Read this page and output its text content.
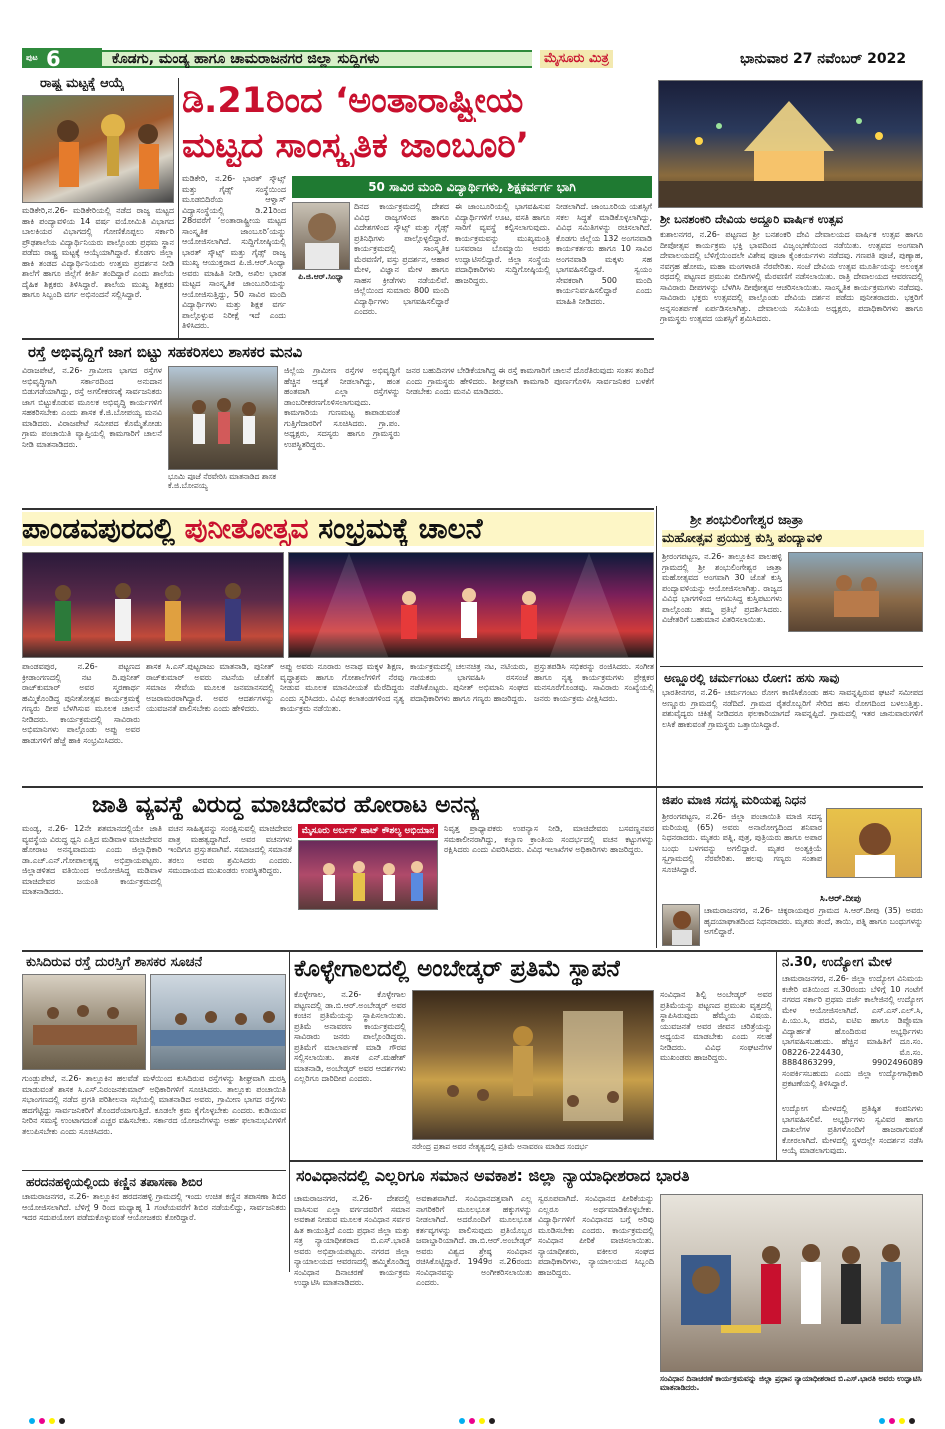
ಪುಟ 6	ಕೊಡಗು, ಮಂಡ್ಯ ಹಾಗೂ ಚಾಮರಾಜನಗರ ಜಿಲ್ಲಾ ಸುದ್ದಿಗಳು	ಮೈಸೂರು ಮಿತ್ರ	ಭಾನುವಾರ 27 ನವೆಂಬರ್ 2022
ರಾಷ್ಟ್ರ ಮಟ್ಟಕ್ಕೆ ಆಯ್ಕೆ
ಮಡಿಕೇರಿ,ನ.26- ಮಡಿಕೇರಿಯಲ್ಲಿ ನಡೆದ ರಾಜ್ಯ ಮಟ್ಟದ ಹಾಕಿ ಪಂದ್ಯಾವಳಿಯ 14 ವರ್ಷ ವಯೋಮಿತಿ ವಿಭಾಗದ ಬಾಲಕಿಯರ ವಿಭಾಗದಲ್ಲಿ ಗೋಣಿಕೊಪ್ಪಲು ಸರ್ಕಾರಿ ಪ್ರೌಢಶಾಲೆಯ ವಿದ್ಯಾರ್ಥಿನಿಯರು ಪಾಲ್ಗೊಂಡು ಪ್ರಥಮ ಸ್ಥಾನ ಪಡೆದು ರಾಷ್ಟ್ರ ಮಟ್ಟಕ್ಕೆ ಆಯ್ಕೆಯಾಗಿದ್ದಾರೆ. ಕೊಡಗು ಜಿಲ್ಲಾ ಹಾಕಿ ತಂಡದ ವಿದ್ಯಾರ್ಥಿನಿಯರು ಉತ್ತಮ ಪ್ರದರ್ಶನ ನೀಡಿ ಶಾಲೆಗೆ ಹಾಗೂ ಜಿಲ್ಲೆಗೆ ಕೀರ್ತಿ ತಂದಿದ್ದಾರೆ ಎಂದು ಶಾಲೆಯ ದೈಹಿಕ ಶಿಕ್ಷಕರು ತಿಳಿಸಿದ್ದಾರೆ. ಶಾಲೆಯ ಮುಖ್ಯ ಶಿಕ್ಷಕರು ಹಾಗೂ ಸಿಬ್ಬಂದಿ ವರ್ಗ ಅಭಿನಂದನೆ ಸಲ್ಲಿಸಿದ್ದಾರೆ.
ಡಿ.21ರಿಂದ ‘ಅಂತಾರಾಷ್ಟ್ರೀಯ
ಮಟ್ಟದ ಸಾಂಸ್ಕೃತಿಕ ಜಾಂಬೂರಿ’
ಮಡಿಕೇರಿ, ನ.26- ಭಾರತ್ ಸ್ಕೌಟ್ಸ್ ಮತ್ತು ಗೈಡ್ಸ್ ಸಂಸ್ಥೆಯಿಂದ ಮೂಡಬಿದಿರೆಯ ಆಳ್ವಾಸ್ ವಿದ್ಯಾಸಂಸ್ಥೆಯಲ್ಲಿ ಡಿ.21ರಿಂದ 28ರವರೆಗೆ ‘ಅಂತಾರಾಷ್ಟ್ರೀಯ ಮಟ್ಟದ ಸಾಂಸ್ಕೃತಿಕ ಜಾಂಬೂರಿ’ಯನ್ನು ಆಯೋಜಿಸಲಾಗಿದೆ. ಸುದ್ದಿಗೋಷ್ಠಿಯಲ್ಲಿ ಭಾರತ್ ಸ್ಕೌಟ್ಸ್ ಮತ್ತು ಗೈಡ್ಸ್ ರಾಜ್ಯ ಮುಖ್ಯ ಆಯುಕ್ತರಾದ ಪಿ.ಜಿ.ಆರ್.ಸಿಂಧ್ಯಾ ಅವರು ಮಾಹಿತಿ ನೀಡಿ, ಅಖಿಲ ಭಾರತ ಮಟ್ಟದ ಸಾಂಸ್ಕೃತಿಕ ಜಾಂಬೂರಿಯನ್ನು ಆಯೋಜಿಸುತ್ತಿದ್ದು, 50 ಸಾವಿರ ಮಂದಿ ವಿದ್ಯಾರ್ಥಿಗಳು ಮತ್ತು ಶಿಕ್ಷಕ ವರ್ಗ ಪಾಲ್ಗೊಳ್ಳುವ ನಿರೀಕ್ಷೆ ಇದೆ ಎಂದು ತಿಳಿಸಿದರು.
50 ಸಾವಿರ ಮಂದಿ ವಿದ್ಯಾರ್ಥಿಗಳು, ಶಿಕ್ಷಕರ್ವರ್ಗ ಭಾಗಿ
ಪಿ.ಜಿ.ಆರ್.ಸಿಂಧ್ಯಾ
ದಿನದ ಕಾರ್ಯಕ್ರಮದಲ್ಲಿ ದೇಶದ ವಿವಿಧ ರಾಜ್ಯಗಳಿಂದ ಹಾಗೂ ವಿದೇಶಗಳಿಂದ ಸ್ಕೌಟ್ಸ್ ಮತ್ತು ಗೈಡ್ಸ್ ಪ್ರತಿನಿಧಿಗಳು ಪಾಲ್ಗೊಳ್ಳಲಿದ್ದಾರೆ. ಕಾರ್ಯಕ್ರಮದಲ್ಲಿ ಸಾಂಸ್ಕೃತಿಕ ಮೆರವಣಿಗೆ, ವಸ್ತು ಪ್ರದರ್ಶನ, ಆಹಾರ ಮೇಳ, ವಿಜ್ಞಾನ ಮೇಳ ಹಾಗೂ ಸಾಹಸ ಕ್ರೀಡೆಗಳು ನಡೆಯಲಿವೆ. ಜಿಲ್ಲೆಯಿಂದ ಸುಮಾರು 800 ಮಂದಿ ವಿದ್ಯಾರ್ಥಿಗಳು ಭಾಗವಹಿಸಲಿದ್ದಾರೆ ಎಂದರು.
ಈ ಜಾಂಬೂರಿಯಲ್ಲಿ ಭಾಗವಹಿಸುವ ವಿದ್ಯಾರ್ಥಿಗಳಿಗೆ ಊಟ, ವಸತಿ ಹಾಗೂ ಸಾರಿಗೆ ವ್ಯವಸ್ಥೆ ಕಲ್ಪಿಸಲಾಗುವುದು. ಕಾರ್ಯಕ್ರಮವನ್ನು ಮುಖ್ಯಮಂತ್ರಿ ಬಸವರಾಜ ಬೊಮ್ಮಾಯಿ ಅವರು ಉದ್ಘಾಟಿಸಲಿದ್ದಾರೆ. ಜಿಲ್ಲಾ ಸಂಸ್ಥೆಯ ಪದಾಧಿಕಾರಿಗಳು ಸುದ್ದಿಗೋಷ್ಠಿಯಲ್ಲಿ ಹಾಜರಿದ್ದರು.
ನೀಡಲಾಗಿದೆ. ಜಾಂಬೂರಿಯ ಯಶಸ್ಸಿಗೆ ಸಕಲ ಸಿದ್ಧತೆ ಮಾಡಿಕೊಳ್ಳಲಾಗಿದ್ದು, ವಿವಿಧ ಸಮಿತಿಗಳನ್ನು ರಚಿಸಲಾಗಿದೆ. ಕೊಡಗು ಜಿಲ್ಲೆಯ 132 ಅಂಗನವಾಡಿ ಕಾರ್ಯಕರ್ತರು ಹಾಗೂ 10 ಸಾವಿರ ಅಂಗನವಾಡಿ ಮಕ್ಕಳು ಸಹ ಭಾಗವಹಿಸಲಿದ್ದಾರೆ. ಸ್ವಯಂ ಸೇವಕರಾಗಿ 500 ಮಂದಿ ಕಾರ್ಯನಿರ್ವಹಿಸಲಿದ್ದಾರೆ ಎಂದು ಮಾಹಿತಿ ನೀಡಿದರು.
ಶ್ರೀ ಬನಶಂಕರಿ ದೇವಿಯ ಅದ್ದೂರಿ ವಾರ್ಷಿಕ ಉತ್ಸವ
ಕುಶಾಲನಗರ, ನ.26- ಪಟ್ಟಣದ ಶ್ರೀ ಬನಶಂಕರಿ ದೇವಿ ದೇವಾಲಯದ ವಾರ್ಷಿಕ ಉತ್ಸವ ಹಾಗೂ ದೀಪೋತ್ಸವ ಕಾರ್ಯಕ್ರಮ ಭಕ್ತಿ ಭಾವದಿಂದ ವಿಜೃಂಭಣೆಯಿಂದ ನಡೆಯಿತು. ಉತ್ಸವದ ಅಂಗವಾಗಿ ದೇವಾಲಯದಲ್ಲಿ ಬೆಳಿಗ್ಗೆಯಿಂದಲೇ ವಿಶೇಷ ಪೂಜಾ ಕೈಂಕರ್ಯಗಳು ನಡೆದವು. ಗಣಪತಿ ಪೂಜೆ, ಪುಣ್ಯಾಹ, ನವಗ್ರಹ ಹೋಮ, ಮಹಾ ಮಂಗಳಾರತಿ ನೆರವೇರಿತು. ಸಂಜೆ ದೇವಿಯ ಉತ್ಸವ ಮೂರ್ತಿಯನ್ನು ಅಲಂಕೃತ ರಥದಲ್ಲಿ ಪಟ್ಟಣದ ಪ್ರಮುಖ ಬೀದಿಗಳಲ್ಲಿ ಮೆರವಣಿಗೆ ನಡೆಸಲಾಯಿತು. ರಾತ್ರಿ ದೇವಾಲಯದ ಆವರಣದಲ್ಲಿ ಸಾವಿರಾರು ದೀಪಗಳನ್ನು ಬೆಳಗಿಸಿ ದೀಪೋತ್ಸವ ಆಚರಿಸಲಾಯಿತು. ಸಾಂಸ್ಕೃತಿಕ ಕಾರ್ಯಕ್ರಮಗಳು ನಡೆದವು. ಸಾವಿರಾರು ಭಕ್ತರು ಉತ್ಸವದಲ್ಲಿ ಪಾಲ್ಗೊಂಡು ದೇವಿಯ ದರ್ಶನ ಪಡೆದು ಪುನೀತರಾದರು. ಭಕ್ತರಿಗೆ ಅನ್ನಸಂತರ್ಪಣೆ ಏರ್ಪಡಿಸಲಾಗಿತ್ತು. ದೇವಾಲಯ ಸಮಿತಿಯ ಅಧ್ಯಕ್ಷರು, ಪದಾಧಿಕಾರಿಗಳು ಹಾಗೂ ಗ್ರಾಮಸ್ಥರು ಉತ್ಸವದ ಯಶಸ್ಸಿಗೆ ಶ್ರಮಿಸಿದರು.
ರಸ್ತೆ ಅಭಿವೃದ್ಧಿಗೆ ಜಾಗ ಬಿಟ್ಟು ಸಹಕರಿಸಲು ಶಾಸಕರ ಮನವಿ
ವಿರಾಜಪೇಟೆ, ನ.26- ಗ್ರಾಮೀಣ ಭಾಗದ ರಸ್ತೆಗಳ ಅಭಿವೃದ್ಧಿಗಾಗಿ ಸರ್ಕಾರದಿಂದ ಅನುದಾನ ಬಿಡುಗಡೆಯಾಗಿದ್ದು, ರಸ್ತೆ ಅಗಲೀಕರಣಕ್ಕೆ ಸಾರ್ವಜನಿಕರು ಜಾಗ ಬಿಟ್ಟುಕೊಡುವ ಮೂಲಕ ಅಭಿವೃದ್ಧಿ ಕಾರ್ಯಗಳಿಗೆ ಸಹಕರಿಸಬೇಕು ಎಂದು ಶಾಸಕ ಕೆ.ಜಿ.ಬೋಪಯ್ಯ ಮನವಿ ಮಾಡಿದರು. ವಿರಾಜಪೇಟೆ ಸಮೀಪದ ಕೊಮ್ಮೆತೋಡು ಗ್ರಾಮ ಪಂಚಾಯಿತಿ ವ್ಯಾಪ್ತಿಯಲ್ಲಿ ಕಾಮಗಾರಿಗೆ ಚಾಲನೆ ನೀಡಿ ಮಾತನಾಡಿದರು.
ಭೂಮಿ ಪೂಜೆ ನೆರವೇರಿಸಿ ಮಾತನಾಡಿದ ಶಾಸಕ ಕೆ.ಜಿ.ಬೋಪಯ್ಯ
ಜಿಲ್ಲೆಯ ಗ್ರಾಮೀಣ ರಸ್ತೆಗಳ ಅಭಿವೃದ್ಧಿಗೆ ಹೆಚ್ಚಿನ ಆದ್ಯತೆ ನೀಡಲಾಗಿದ್ದು, ಹಂತ ಹಂತವಾಗಿ ಎಲ್ಲಾ ರಸ್ತೆಗಳನ್ನು ಡಾಂಬರೀಕರಣಗೊಳಿಸಲಾಗುವುದು. ಕಾಮಗಾರಿಯ ಗುಣಮಟ್ಟ ಕಾಪಾಡುವಂತೆ ಗುತ್ತಿಗೆದಾರರಿಗೆ ಸೂಚಿಸಿದರು. ಗ್ರಾ.ಪಂ. ಅಧ್ಯಕ್ಷರು, ಸದಸ್ಯರು ಹಾಗೂ ಗ್ರಾಮಸ್ಥರು ಉಪಸ್ಥಿತರಿದ್ದರು.
ಜನರ ಬಹುದಿನಗಳ ಬೇಡಿಕೆಯಾಗಿದ್ದ ಈ ರಸ್ತೆ ಕಾಮಗಾರಿಗೆ ಚಾಲನೆ ದೊರೆತಿರುವುದು ಸಂತಸ ತಂದಿದೆ ಎಂದು ಗ್ರಾಮಸ್ಥರು ಹೇಳಿದರು. ಶೀಘ್ರವಾಗಿ ಕಾಮಗಾರಿ ಪೂರ್ಣಗೊಳಿಸಿ ಸಾರ್ವಜನಿಕರ ಬಳಕೆಗೆ ನೀಡಬೇಕು ಎಂದು ಮನವಿ ಮಾಡಿದರು.
ಪಾಂಡವಪುರದಲ್ಲಿ ಪುನೀತೋತ್ಸವ ಸಂಭ್ರಮಕ್ಕೆ ಚಾಲನೆ
ಪಾಂಡವಪುರ, ನ.26- ಪಟ್ಟಣದ ಕ್ರೀಡಾಂಗಣದಲ್ಲಿ ನಟ ದಿ.ಪುನೀತ್ ರಾಜ್‌ಕುಮಾರ್ ಅವರ ಸ್ಮರಣಾರ್ಥ ಹಮ್ಮಿಕೊಂಡಿದ್ದ ಪುನೀತೋತ್ಸವ ಕಾರ್ಯಕ್ರಮಕ್ಕೆ ಗಣ್ಯರು ದೀಪ ಬೆಳಗಿಸುವ ಮೂಲಕ ಚಾಲನೆ ನೀಡಿದರು. ಕಾರ್ಯಕ್ರಮದಲ್ಲಿ ಸಾವಿರಾರು ಅಭಿಮಾನಿಗಳು ಪಾಲ್ಗೊಂಡು ಅಪ್ಪು ಅವರ ಹಾಡುಗಳಿಗೆ ಹೆಜ್ಜೆ ಹಾಕಿ ಸಂಭ್ರಮಿಸಿದರು.
ಶಾಸಕ ಸಿ.ಎಸ್.ಪುಟ್ಟರಾಜು ಮಾತನಾಡಿ, ಪುನೀತ್ ರಾಜ್‌ಕುಮಾರ್ ಅವರು ನಟನೆಯ ಜೊತೆಗೆ ಸಮಾಜ ಸೇವೆಯ ಮೂಲಕ ಜನಮಾನಸದಲ್ಲಿ ಅಜರಾಮರರಾಗಿದ್ದಾರೆ. ಅವರ ಆದರ್ಶಗಳನ್ನು ಯುವಜನತೆ ಪಾಲಿಸಬೇಕು ಎಂದು ಹೇಳಿದರು.
ಅಪ್ಪು ಅವರು ನೂರಾರು ಅನಾಥ ಮಕ್ಕಳ ಶಿಕ್ಷಣ, ವೃದ್ಧಾಶ್ರಮ ಹಾಗೂ ಗೋಶಾಲೆಗಳಿಗೆ ನೆರವು ನೀಡುವ ಮೂಲಕ ಮಾನವೀಯತೆ ಮೆರೆದಿದ್ದರು ಎಂದು ಸ್ಮರಿಸಿದರು. ವಿವಿಧ ಕಲಾತಂಡಗಳಿಂದ ನೃತ್ಯ ಕಾರ್ಯಕ್ರಮ ನಡೆಯಿತು.
ಕಾರ್ಯಕ್ರಮದಲ್ಲಿ ಚಲನಚಿತ್ರ ನಟ, ನಟಿಯರು, ಗಾಯಕರು ಭಾಗವಹಿಸಿ ರಸಸಂಜೆ ನಡೆಸಿಕೊಟ್ಟರು. ಪುನೀತ್ ಅಭಿಮಾನಿ ಸಂಘದ ಪದಾಧಿಕಾರಿಗಳು ಹಾಗೂ ಗಣ್ಯರು ಹಾಜರಿದ್ದರು.
ಪ್ರಸ್ತುತಪಡಿಸಿ ಸಭಿಕರನ್ನು ರಂಜಿಸಿದರು. ಸಂಗೀತ ಹಾಗೂ ನೃತ್ಯ ಕಾರ್ಯಕ್ರಮಗಳು ಪ್ರೇಕ್ಷಕರ ಮನಸೂರೆಗೊಂಡವು. ಸಾವಿರಾರು ಸಂಖ್ಯೆಯಲ್ಲಿ ಜನರು ಕಾರ್ಯಕ್ರಮ ವೀಕ್ಷಿಸಿದರು.
ಶ್ರೀ ಶಂಭುಲಿಂಗೇಶ್ವರ ಜಾತ್ರಾ
ಮಹೋತ್ಸವ ಪ್ರಯುಕ್ತ ಕುಸ್ತಿ ಪಂದ್ಯಾವಳಿ
ಶ್ರೀರಂಗಪಟ್ಟಣ, ನ.26- ತಾಲ್ಲೂಕಿನ ಪಾಲಹಳ್ಳಿ ಗ್ರಾಮದಲ್ಲಿ ಶ್ರೀ ಶಂಭುಲಿಂಗೇಶ್ವರ ಜಾತ್ರಾ ಮಹೋತ್ಸವದ ಅಂಗವಾಗಿ 30 ಜೊತೆ ಕುಸ್ತಿ ಪಂದ್ಯಾವಳಿಯನ್ನು ಆಯೋಜಿಸಲಾಗಿತ್ತು. ರಾಜ್ಯದ ವಿವಿಧ ಭಾಗಗಳಿಂದ ಆಗಮಿಸಿದ್ದ ಕುಸ್ತಿಪಟುಗಳು ಪಾಲ್ಗೊಂಡು ತಮ್ಮ ಪ್ರತಿಭೆ ಪ್ರದರ್ಶಿಸಿದರು. ವಿಜೇತರಿಗೆ ಬಹುಮಾನ ವಿತರಿಸಲಾಯಿತು.
ಅಣ್ಣೂರಲ್ಲಿ ಚರ್ಮಗಂಟು ರೋಗ: ಹಸು ಸಾವು
ಭಾರತೀನಗರ, ನ.26- ಚರ್ಮಗಂಟು ರೋಗ ಕಾಣಿಸಿಕೊಂಡು ಹಸು ಸಾವನ್ನಪ್ಪಿರುವ ಘಟನೆ ಸಮೀಪದ ಅಣ್ಣೂರು ಗ್ರಾಮದಲ್ಲಿ ನಡೆದಿದೆ. ಗ್ರಾಮದ ರೈತರೊಬ್ಬರಿಗೆ ಸೇರಿದ ಹಸು ರೋಗದಿಂದ ಬಳಲುತ್ತಿತ್ತು. ಪಶುವೈದ್ಯರು ಚಿಕಿತ್ಸೆ ನೀಡಿದರೂ ಫಲಕಾರಿಯಾಗದೆ ಸಾವನ್ನಪ್ಪಿದೆ. ಗ್ರಾಮದಲ್ಲಿ ಇತರ ಜಾನುವಾರುಗಳಿಗೆ ಲಸಿಕೆ ಹಾಕುವಂತೆ ಗ್ರಾಮಸ್ಥರು ಒತ್ತಾಯಿಸಿದ್ದಾರೆ.
ಜಾತಿ ವ್ಯವಸ್ಥೆ ವಿರುದ್ಧ ಮಾಚಿದೇವರ ಹೋರಾಟ ಅನನ್ಯ
ಮಂಡ್ಯ, ನ.26- 12ನೇ ಶತಮಾನದಲ್ಲಿಯೇ ಜಾತಿ ವ್ಯವಸ್ಥೆಯ ವಿರುದ್ಧ ಧ್ವನಿ ಎತ್ತಿದ ಮಡಿವಾಳ ಮಾಚಿದೇವರ ಹೋರಾಟ ಅನನ್ಯವಾದುದು ಎಂದು ಜಿಲ್ಲಾಧಿಕಾರಿ ಡಾ.ಎಚ್.ಎನ್.ಗೋಪಾಲಕೃಷ್ಣ ಅಭಿಪ್ರಾಯಪಟ್ಟರು. ಜಿಲ್ಲಾಡಳಿತದ ವತಿಯಿಂದ ಆಯೋಜಿಸಿದ್ದ ಮಡಿವಾಳ ಮಾಚಿದೇವರ ಜಯಂತಿ ಕಾರ್ಯಕ್ರಮದಲ್ಲಿ ಮಾತನಾಡಿದರು.
ಮೈಸೂರು ಅರ್ಬನ್ ಹಾಟ್ ಕೌಶಲ್ಯ ಅಭಿಯಾನ
ವಚನ ಸಾಹಿತ್ಯವನ್ನು ಸಂರಕ್ಷಿಸುವಲ್ಲಿ ಮಾಚಿದೇವರ ಪಾತ್ರ ಮಹತ್ವದ್ದಾಗಿದೆ. ಅವರ ವಚನಗಳು ಇಂದಿಗೂ ಪ್ರಸ್ತುತವಾಗಿವೆ. ಸಮಾಜದಲ್ಲಿ ಸಮಾನತೆ ತರಲು ಅವರು ಶ್ರಮಿಸಿದರು ಎಂದರು. ಸಮುದಾಯದ ಮುಖಂಡರು ಉಪಸ್ಥಿತರಿದ್ದರು.
ನಿವೃತ್ತ ಪ್ರಾಧ್ಯಾಪಕರು ಉಪನ್ಯಾಸ ನೀಡಿ, ಮಾಚಿದೇವರು ಬಸವಣ್ಣನವರ ಸಮಕಾಲೀನರಾಗಿದ್ದು, ಕಲ್ಯಾಣ ಕ್ರಾಂತಿಯ ಸಂದರ್ಭದಲ್ಲಿ ವಚನ ಕಟ್ಟುಗಳನ್ನು ರಕ್ಷಿಸಿದರು ಎಂದು ವಿವರಿಸಿದರು. ವಿವಿಧ ಇಲಾಖೆಗಳ ಅಧಿಕಾರಿಗಳು ಹಾಜರಿದ್ದರು.
ಜಿಪಂ ಮಾಜಿ ಸದಸ್ಯ ಮರಿಯಪ್ಪ ನಿಧನ
ಶ್ರೀರಂಗಪಟ್ಟಣ, ನ.26- ಜಿಲ್ಲಾ ಪಂಚಾಯಿತಿ ಮಾಜಿ ಸದಸ್ಯ ಮರಿಯಪ್ಪ (65) ಅವರು ಅನಾರೋಗ್ಯದಿಂದ ಶನಿವಾರ ನಿಧನರಾದರು. ಮೃತರು ಪತ್ನಿ, ಪುತ್ರ, ಪುತ್ರಿಯರು ಹಾಗೂ ಅಪಾರ ಬಂಧು ಬಳಗವನ್ನು ಅಗಲಿದ್ದಾರೆ. ಮೃತರ ಅಂತ್ಯಕ್ರಿಯೆ ಸ್ವಗ್ರಾಮದಲ್ಲಿ ನೆರವೇರಿತು. ಹಲವು ಗಣ್ಯರು ಸಂತಾಪ ಸೂಚಿಸಿದ್ದಾರೆ.
ಸಿ.ಆರ್.ದೀಪು
ಚಾಮರಾಜನಗರ, ನ.26- ಚಿಕ್ಕರಾಯಪುರ ಗ್ರಾಮದ ಸಿ.ಆರ್.ದೀಪು (35) ಅವರು ಹೃದಯಾಘಾತದಿಂದ ನಿಧನರಾದರು. ಮೃತರು ತಂದೆ, ತಾಯಿ, ಪತ್ನಿ ಹಾಗೂ ಬಂಧುಗಳನ್ನು ಅಗಲಿದ್ದಾರೆ.
ಕುಸಿದಿರುವ ರಸ್ತೆ ದುರಸ್ತಿಗೆ ಶಾಸಕರ ಸೂಚನೆ
ಗುಂಡ್ಲುಪೇಟೆ, ನ.26- ತಾಲ್ಲೂಕಿನ ಹಲವೆಡೆ ಮಳೆಯಿಂದ ಕುಸಿದಿರುವ ರಸ್ತೆಗಳನ್ನು ಶೀಘ್ರವಾಗಿ ದುರಸ್ತಿ ಮಾಡುವಂತೆ ಶಾಸಕ ಸಿ.ಎಸ್.ನಿರಂಜನಕುಮಾರ್ ಅಧಿಕಾರಿಗಳಿಗೆ ಸೂಚಿಸಿದರು. ತಾಲ್ಲೂಕು ಪಂಚಾಯಿತಿ ಸಭಾಂಗಣದಲ್ಲಿ ನಡೆದ ಪ್ರಗತಿ ಪರಿಶೀಲನಾ ಸಭೆಯಲ್ಲಿ ಮಾತನಾಡಿದ ಅವರು, ಗ್ರಾಮೀಣ ಭಾಗದ ರಸ್ತೆಗಳು ಹದಗೆಟ್ಟಿದ್ದು ಸಾರ್ವಜನಿಕರಿಗೆ ತೊಂದರೆಯಾಗುತ್ತಿದೆ. ಕೂಡಲೇ ಕ್ರಮ ಕೈಗೊಳ್ಳಬೇಕು ಎಂದರು. ಕುಡಿಯುವ ನೀರಿನ ಸಮಸ್ಯೆ ಉಂಟಾಗದಂತೆ ಎಚ್ಚರ ವಹಿಸಬೇಕು. ಸರ್ಕಾರದ ಯೋಜನೆಗಳನ್ನು ಅರ್ಹ ಫಲಾನುಭವಿಗಳಿಗೆ ತಲುಪಿಸಬೇಕು ಎಂದು ಸೂಚಿಸಿದರು.
ಹರದನಹಳ್ಳಿಯಲ್ಲಿಂದು ಕಣ್ಣಿನ ತಪಾಸಣಾ ಶಿಬಿರ
ಚಾಮರಾಜನಗರ, ನ.26- ತಾಲ್ಲೂಕಿನ ಹರದನಹಳ್ಳಿ ಗ್ರಾಮದಲ್ಲಿ ಇಂದು ಉಚಿತ ಕಣ್ಣಿನ ತಪಾಸಣಾ ಶಿಬಿರ ಆಯೋಜಿಸಲಾಗಿದೆ. ಬೆಳಿಗ್ಗೆ 9 ರಿಂದ ಮಧ್ಯಾಹ್ನ 1 ಗಂಟೆಯವರೆಗೆ ಶಿಬಿರ ನಡೆಯಲಿದ್ದು, ಸಾರ್ವಜನಿಕರು ಇದರ ಸದುಪಯೋಗ ಪಡೆದುಕೊಳ್ಳುವಂತೆ ಆಯೋಜಕರು ಕೋರಿದ್ದಾರೆ.
ಕೊಳ್ಳೇಗಾಲದಲ್ಲಿ ಅಂಬೇಡ್ಕರ್ ಪ್ರತಿಮೆ ಸ್ಥಾಪನೆ
ಕೊಳ್ಳೇಗಾಲ, ನ.26- ಕೊಳ್ಳೇಗಾಲ ಪಟ್ಟಣದಲ್ಲಿ ಡಾ.ಬಿ.ಆರ್.ಅಂಬೇಡ್ಕರ್ ಅವರ ಕಂಚಿನ ಪ್ರತಿಮೆಯನ್ನು ಸ್ಥಾಪಿಸಲಾಯಿತು. ಪ್ರತಿಮೆ ಅನಾವರಣ ಕಾರ್ಯಕ್ರಮದಲ್ಲಿ ಸಾವಿರಾರು ಜನರು ಪಾಲ್ಗೊಂಡಿದ್ದರು. ಪ್ರತಿಮೆಗೆ ಮಾಲಾರ್ಪಣೆ ಮಾಡಿ ಗೌರವ ಸಲ್ಲಿಸಲಾಯಿತು. ಶಾಸಕ ಎನ್.ಮಹೇಶ್ ಮಾತನಾಡಿ, ಅಂಬೇಡ್ಕರ್ ಅವರ ಆದರ್ಶಗಳು ಎಲ್ಲರಿಗೂ ದಾರಿದೀಪ ಎಂದರು.
ನರೇಂದ್ರ ಪ್ರತಾಪ ಅವರ ನೇತೃತ್ವದಲ್ಲಿ ಪ್ರತಿಮೆ ಅನಾವರಣ ಮಾಡಿದ ಸಂದರ್ಭ
ಸಂವಿಧಾನ ಶಿಲ್ಪಿ ಅಂಬೇಡ್ಕರ್ ಅವರ ಪ್ರತಿಮೆಯನ್ನು ಪಟ್ಟಣದ ಪ್ರಮುಖ ವೃತ್ತದಲ್ಲಿ ಸ್ಥಾಪಿಸಿರುವುದು ಹೆಮ್ಮೆಯ ವಿಷಯ. ಯುವಜನತೆ ಅವರ ಜೀವನ ಚರಿತ್ರೆಯನ್ನು ಅಧ್ಯಯನ ಮಾಡಬೇಕು ಎಂದು ಸಲಹೆ ನೀಡಿದರು. ವಿವಿಧ ಸಂಘಟನೆಗಳ ಮುಖಂಡರು ಹಾಜರಿದ್ದರು.
ನ.30, ಉದ್ಯೋಗ ಮೇಳ
ಚಾಮರಾಜನಗರ, ನ.26- ಜಿಲ್ಲಾ ಉದ್ಯೋಗ ವಿನಿಮಯ ಕಚೇರಿ ವತಿಯಿಂದ ನ.30ರಂದು ಬೆಳಿಗ್ಗೆ 10 ಗಂಟೆಗೆ ನಗರದ ಸರ್ಕಾರಿ ಪ್ರಥಮ ದರ್ಜೆ ಕಾಲೇಜಿನಲ್ಲಿ ಉದ್ಯೋಗ ಮೇಳ ಆಯೋಜಿಸಲಾಗಿದೆ. ಎಸ್.ಎಸ್.ಎಲ್.ಸಿ, ಪಿ.ಯು.ಸಿ, ಪದವಿ, ಐಟಿಐ ಹಾಗೂ ಡಿಪ್ಲೊಮಾ ವಿದ್ಯಾರ್ಹತೆ ಹೊಂದಿರುವ ಅಭ್ಯರ್ಥಿಗಳು ಭಾಗವಹಿಸಬಹುದು. ಹೆಚ್ಚಿನ ಮಾಹಿತಿಗೆ ದೂ.ಸಂ. 08226-224430, ಮೊ.ಸಂ. 8884863299, 9902496089 ಸಂಪರ್ಕಿಸಬಹುದು ಎಂದು ಜಿಲ್ಲಾ ಉದ್ಯೋಗಾಧಿಕಾರಿ ಪ್ರಕಟಣೆಯಲ್ಲಿ ತಿಳಿಸಿದ್ದಾರೆ.
ಉದ್ಯೋಗ ಮೇಳದಲ್ಲಿ ಪ್ರತಿಷ್ಠಿತ ಕಂಪನಿಗಳು ಭಾಗವಹಿಸಲಿವೆ. ಅಭ್ಯರ್ಥಿಗಳು ಸ್ವವಿವರ ಹಾಗೂ ದಾಖಲೆಗಳ ಪ್ರತಿಗಳೊಂದಿಗೆ ಹಾಜರಾಗುವಂತೆ ಕೋರಲಾಗಿದೆ. ಮೇಳದಲ್ಲಿ ಸ್ಥಳದಲ್ಲೇ ಸಂದರ್ಶನ ನಡೆಸಿ ಆಯ್ಕೆ ಮಾಡಲಾಗುವುದು.
ಸಂವಿಧಾನದಲ್ಲಿ ಎಲ್ಲರಿಗೂ ಸಮಾನ ಅವಕಾಶ: ಜಿಲ್ಲಾ ನ್ಯಾಯಾಧೀಶರಾದ ಭಾರತಿ
ಚಾಮರಾಜನಗರ, ನ.26- ದೇಶದಲ್ಲಿ ವಾಸಿಸುವ ಎಲ್ಲಾ ವರ್ಗದವರಿಗೆ ಸಮಾನ ಅವಕಾಶ ನೀಡುವ ಮೂಲಕ ಸಂವಿಧಾನ ಸರ್ವರ ಹಿತ ಕಾಯುತ್ತಿದೆ ಎಂದು ಪ್ರಧಾನ ಜಿಲ್ಲಾ ಮತ್ತು ಸತ್ರ ನ್ಯಾಯಾಧೀಶರಾದ ಬಿ.ಎಸ್.ಭಾರತಿ ಅವರು ಅಭಿಪ್ರಾಯಪಟ್ಟರು. ನಗರದ ಜಿಲ್ಲಾ ನ್ಯಾಯಾಲಯದ ಆವರಣದಲ್ಲಿ ಹಮ್ಮಿಕೊಂಡಿದ್ದ ಸಂವಿಧಾನ ದಿನಾಚರಣೆ ಕಾರ್ಯಕ್ರಮ ಉದ್ಘಾಟಿಸಿ ಮಾತನಾಡಿದರು.
ಅವಕಾಶವಾಗಿದೆ. ಸಂವಿಧಾನದತ್ತವಾಗಿ ಎಲ್ಲ ನಾಗರಿಕರಿಗೆ ಮೂಲಭೂತ ಹಕ್ಕುಗಳನ್ನು ನೀಡಲಾಗಿದೆ. ಅದರೊಂದಿಗೆ ಮೂಲಭೂತ ಕರ್ತವ್ಯಗಳನ್ನು ಪಾಲಿಸುವುದು ಪ್ರತಿಯೊಬ್ಬರ ಜವಾಬ್ದಾರಿಯಾಗಿದೆ. ಡಾ.ಬಿ.ಆರ್.ಅಂಬೇಡ್ಕರ್ ಅವರು ವಿಶ್ವದ ಶ್ರೇಷ್ಠ ಸಂವಿಧಾನ ರಚಿಸಿಕೊಟ್ಟಿದ್ದಾರೆ. 1949ರ ನ.26ರಂದು ಸಂವಿಧಾನವನ್ನು ಅಂಗೀಕರಿಸಲಾಯಿತು ಎಂದರು.
ಸ್ವರೂಪವಾಗಿದೆ. ಸಂವಿಧಾನದ ಪೀಠಿಕೆಯನ್ನು ಎಲ್ಲರೂ ಅರ್ಥಮಾಡಿಕೊಳ್ಳಬೇಕು. ವಿದ್ಯಾರ್ಥಿಗಳಿಗೆ ಸಂವಿಧಾನದ ಬಗ್ಗೆ ಅರಿವು ಮೂಡಿಸಬೇಕು ಎಂದರು. ಕಾರ್ಯಕ್ರಮದಲ್ಲಿ ಸಂವಿಧಾನ ಪೀಠಿಕೆ ವಾಚಿಸಲಾಯಿತು. ನ್ಯಾಯಾಧೀಶರು, ವಕೀಲರ ಸಂಘದ ಪದಾಧಿಕಾರಿಗಳು, ನ್ಯಾಯಾಲಯದ ಸಿಬ್ಬಂದಿ ಹಾಜರಿದ್ದರು.
ಸಂವಿಧಾನ ದಿನಾಚರಣೆ ಕಾರ್ಯಕ್ರಮವನ್ನು ಜಿಲ್ಲಾ ಪ್ರಧಾನ ನ್ಯಾಯಾಧೀಶರಾದ ಬಿ.ಎಸ್.ಭಾರತಿ ಅವರು ಉದ್ಘಾಟಿಸಿ ಮಾತನಾಡಿದರು.
